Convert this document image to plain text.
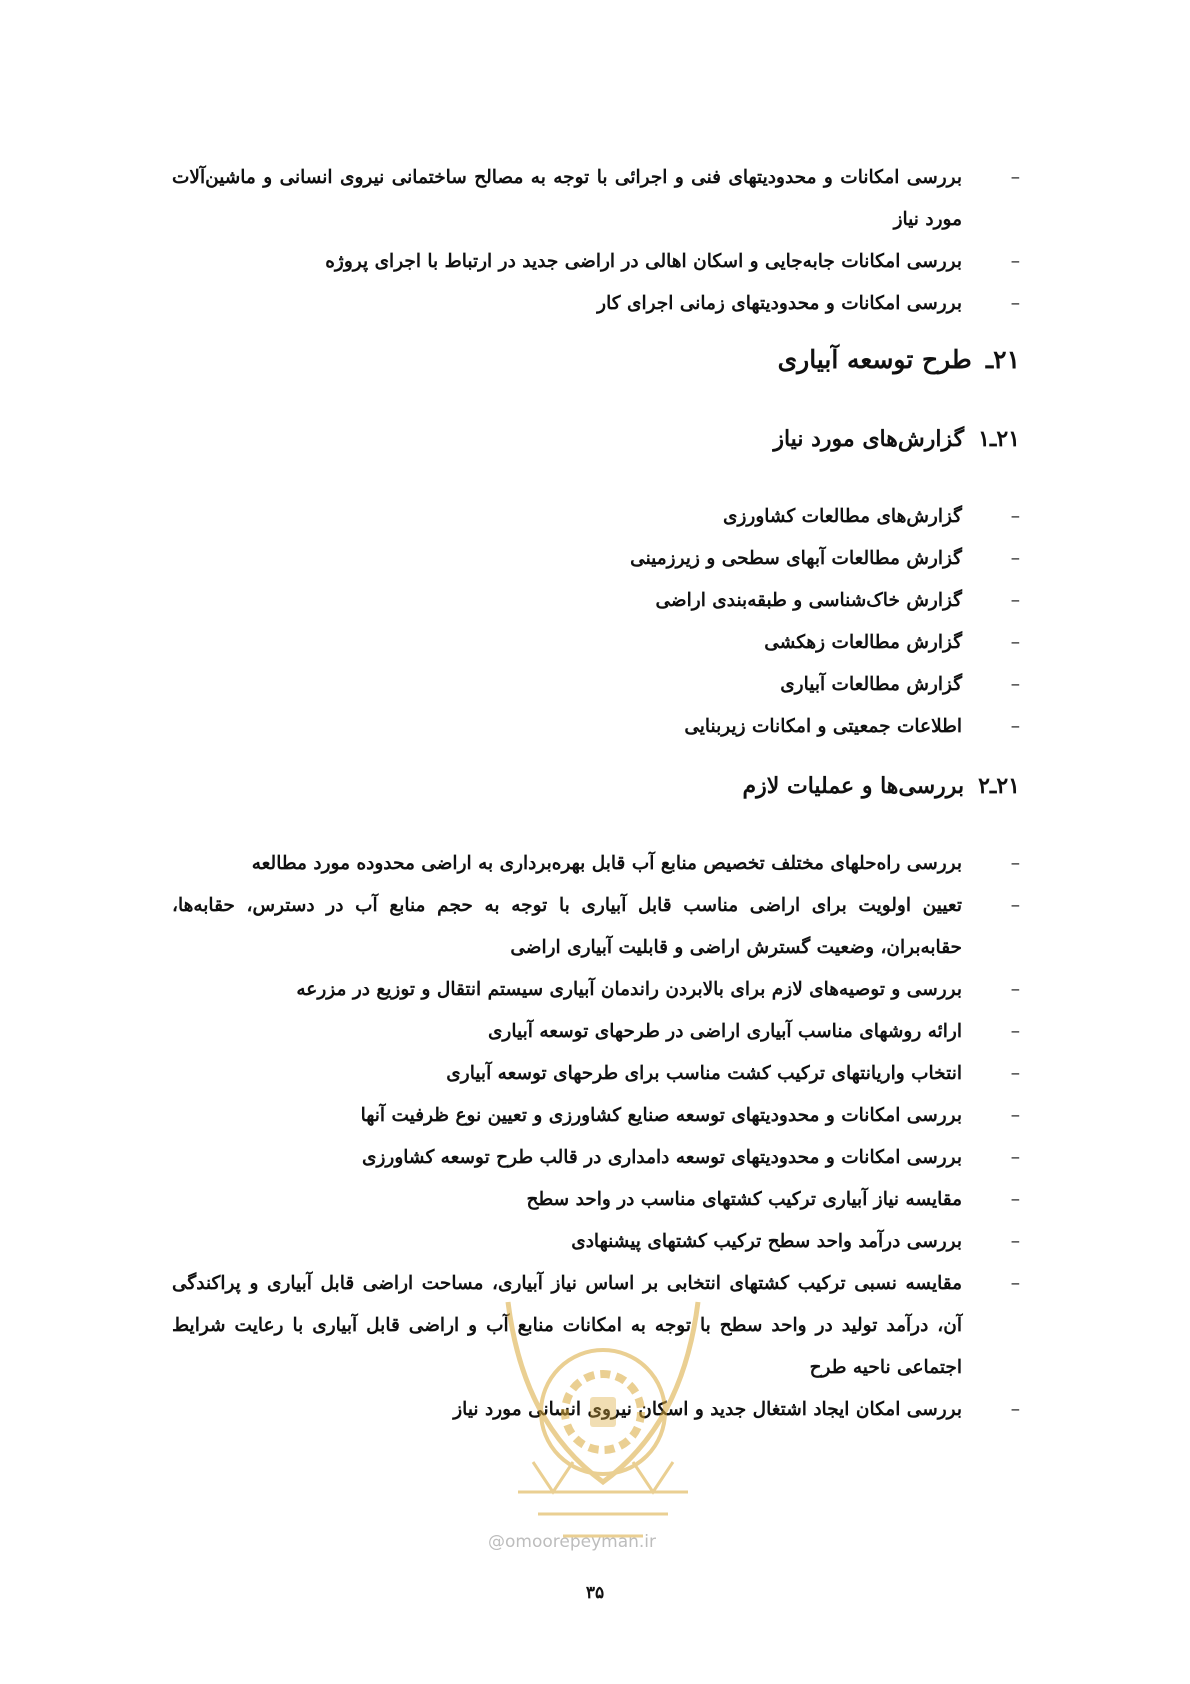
–
بررسی امکانات و محدودیتهای فنی و اجرائی با توجه به مصالح ساختمانی نیروی انسانی و ماشین‌آلات مورد نیاز
–
بررسی امکانات جابه‌جایی و اسکان اهالی در اراضی جدید در ارتباط با اجرای پروژه
–
بررسی امکانات و محدودیتهای زمانی اجرای کار
۲۱ـطرح توسعه آبیاری
۲۱ـ۱گزارش‌های مورد نیاز
–
گزارش‌های مطالعات کشاورزی
–
گزارش مطالعات آبهای سطحی و زیرزمینی
–
گزارش خاک‌شناسی و طبقه‌بندی اراضی
–
گزارش مطالعات زهکشی
–
گزارش مطالعات آبیاری
–
اطلاعات جمعیتی و امکانات زیربنایی
۲۱ـ۲بررسی‌ها و عملیات لازم
–
بررسی راه‌حلهای مختلف تخصیص منابع آب قابل بهره‌برداری به اراضی محدوده مورد مطالعه
–
تعیین اولویت برای اراضی مناسب قابل آبیاری با توجه به حجم منابع آب در دسترس، حقابه‌ها، حقابه‌بران، وضعیت گسترش اراضی و قابلیت آبیاری اراضی
–
بررسی و توصیه‌های لازم برای بالابردن راندمان آبیاری سیستم انتقال و توزیع در مزرعه
–
ارائه روشهای مناسب آبیاری اراضی در طرحهای توسعه آبیاری
–
انتخاب واریانتهای ترکیب کشت مناسب برای طرحهای توسعه آبیاری
–
بررسی امکانات و محدودیتهای توسعه صنایع کشاورزی و تعیین نوع ظرفیت آنها
–
بررسی امکانات و محدودیتهای توسعه دامداری در قالب طرح توسعه کشاورزی
–
مقایسه نیاز آبیاری ترکیب کشتهای مناسب در واحد سطح
–
بررسی درآمد واحد سطح ترکیب کشتهای پیشنهادی
–
مقایسه نسبی ترکیب کشتهای انتخابی بر اساس نیاز آبیاری، مساحت اراضی قابل آبیاری و پراکندگی آن، درآمد تولید در واحد سطح با توجه به امکانات منابع آب و اراضی قابل آبیاری با رعایت شرایط اجتماعی ناحیه طرح
–
بررسی امکان ایجاد اشتغال جدید و اسکان نیروی انسانی مورد نیاز
@omoorepeyman.ir
۳۵
